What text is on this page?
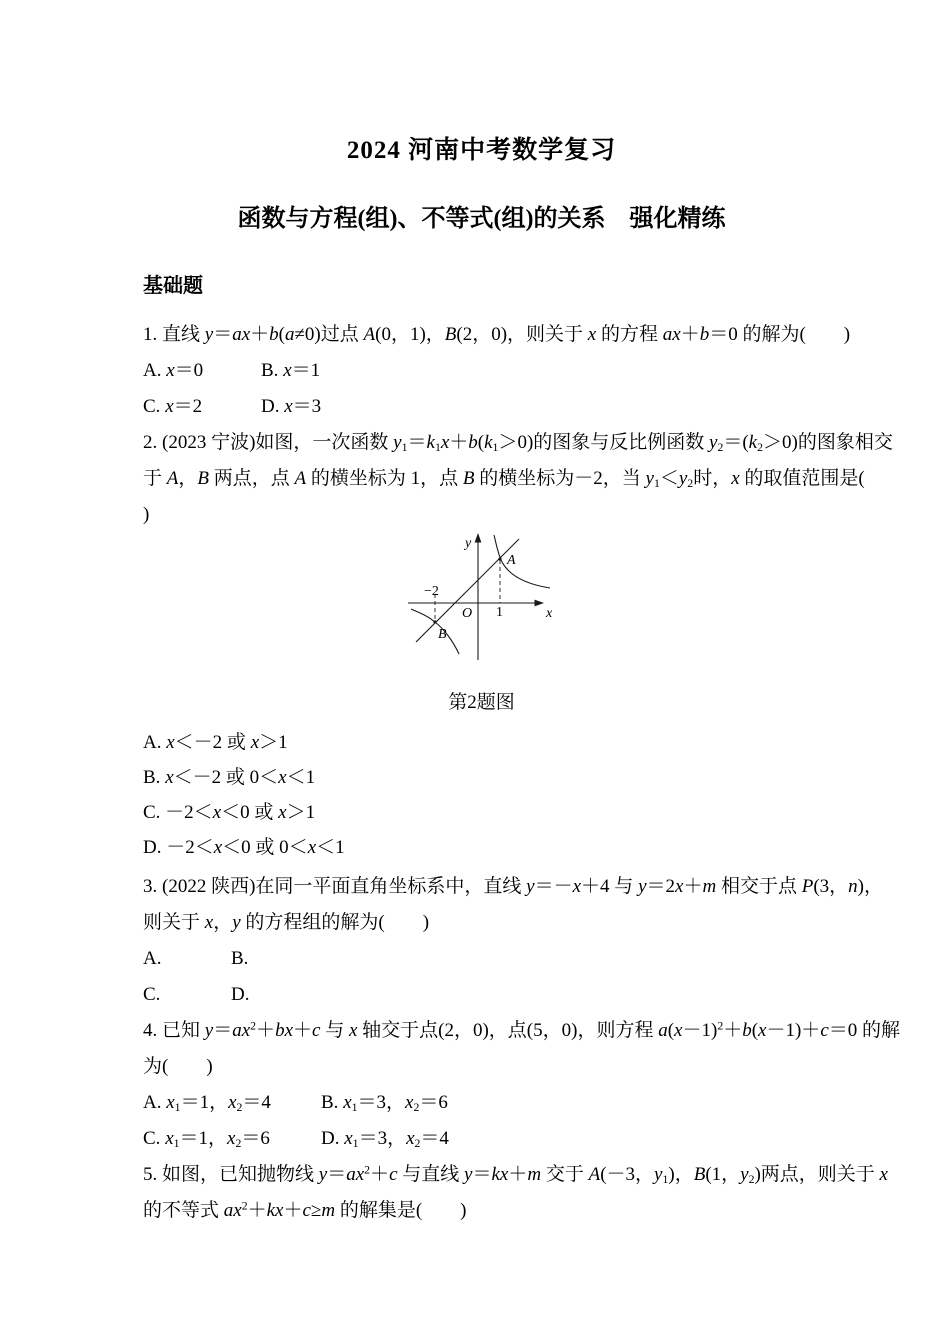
2024 河南中考数学复习
函数与方程(组)、不等式(组)的关系　强化精练
基础题
1. 直线 y＝ax＋b(a≠0)过点 A(0，1)，B(2，0)，则关于 x 的方程 ax＋b＝0 的解为(　　)
A. x＝0	B. x＝1
C. x＝2	D. x＝3
2. (2023 宁波)如图，一次函数 $y_1=k_1x+b(k_1>0)$的图象与反比例函数 $y_2=(k_2>0)$的图象相交
于 A，B 两点，点 A 的横坐标为 1，点 B 的横坐标为－2，当 $y_1<y_2$时，x 的取值范围是(
)
y
x
O
A
B
1
−2
第2题图
A. x＜－2 或 x＞1
B. x＜－2 或 0＜x＜1
C. －2＜x＜0 或 x＞1
D. －2＜x＜0 或 0＜x＜1
3. (2022 陕西)在同一平面直角坐标系中，直线 y＝－x＋4 与 y＝2x＋m 相交于点 P(3，n)，
则关于 x，y 的方程组的解为(　　)
A.	B.
C.	D.
4. 已知 $y=ax^2+bx+c$ 与 x 轴交于点(2，0)，点(5，0)，则方程 $a(x-1)^2+b(x-1)+c=0$ 的解
为(　　)
A. $x_1=1$，$x_2=4$	B. $x_1=3$，$x_2=6$
C. $x_1=1$，$x_2=6$	D. $x_1=3$，$x_2=4$
5. 如图，已知抛物线 $y=ax^2+c$ 与直线 y＝kx＋m 交于 A(－3，$y_1$)，B(1，$y_2$)两点，则关于 x
的不等式 $ax^2+kx+c\ge m$ 的解集是(　　)
